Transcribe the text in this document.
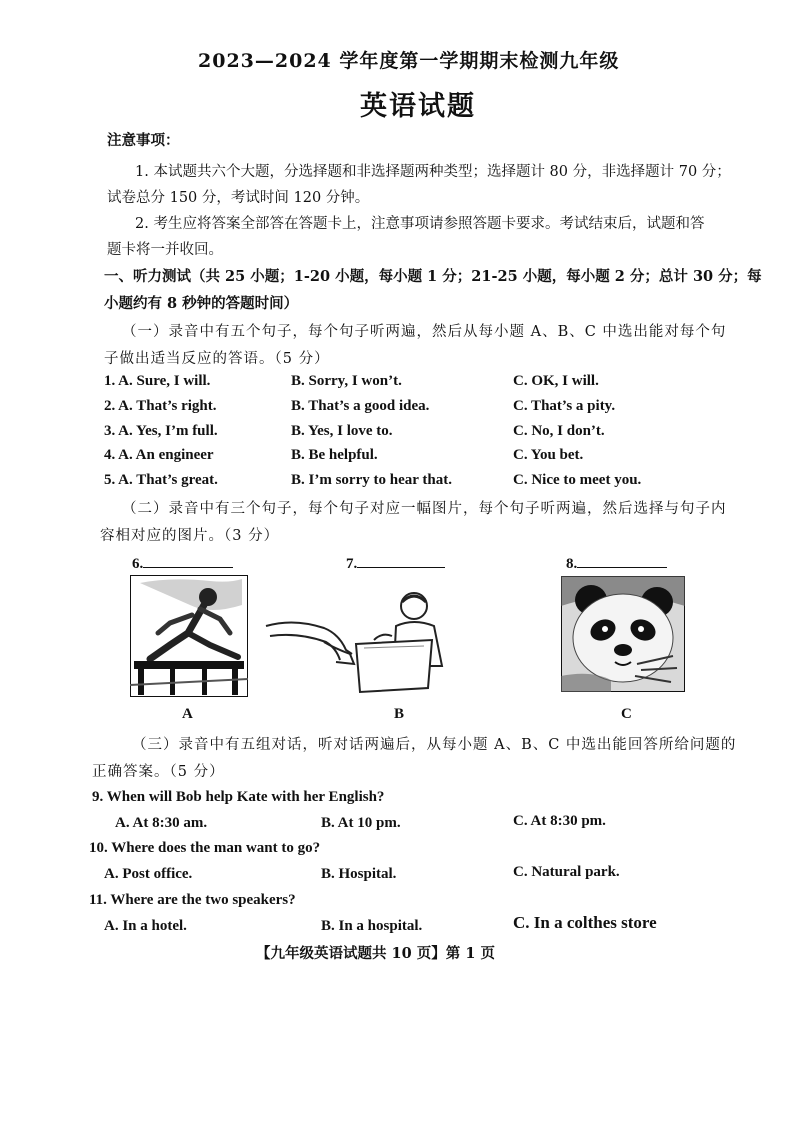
2023—2024 学年度第一学期期末检测九年级
英语试题
注意事项：
1. 本试题共六个大题，分选择题和非选择题两种类型；选择题计 80 分，非选择题计 70 分；
试卷总分 150 分，考试时间 120 分钟。
2. 考生应将答案全部答在答题卡上，注意事项请参照答题卡要求。考试结束后，试题和答
题卡将一并收回。
一、听力测试（共 25 小题；1-20 小题，每小题 1 分；21-25 小题，每小题 2 分；总计 30 分；每
小题约有 8 秒钟的答题时间）
（一）录音中有五个句子，每个句子听两遍，然后从每小题 A、B、C 中选出能对每个句
子做出适当反应的答语。（5 分）
1. A. Sure, I will.	B. Sorry, I won’t.	C. OK, I will.
2. A. That’s right.	B. That’s a good idea.	C. That’s a pity.
3. A. Yes, I’m full.	B. Yes, I love to.	C. No, I don’t.
4. A. An engineer	B. Be helpful.	C. You bet.
5. A. That’s great.	B. I’m sorry to hear that.	C. Nice to meet you.
（二）录音中有三个句子，每个句子对应一幅图片，每个句子听两遍，然后选择与句子内
容相对应的图片。（3 分）
6.	7.	8.
A	B	C
（三）录音中有五组对话，听对话两遍后，从每小题 A、B、C 中选出能回答所给问题的
正确答案。（5 分）
9. When will Bob help Kate with her English?
A. At 8:30 am.	B. At 10 pm.	C. At 8:30 pm.
10. Where does the man want to go?
A. Post office.	B. Hospital.	C. Natural park.
11. Where are the two speakers?
A. In a hotel.	B. In a hospital.	C. In a colthes store
【九年级英语试题共 10 页】第 1 页
